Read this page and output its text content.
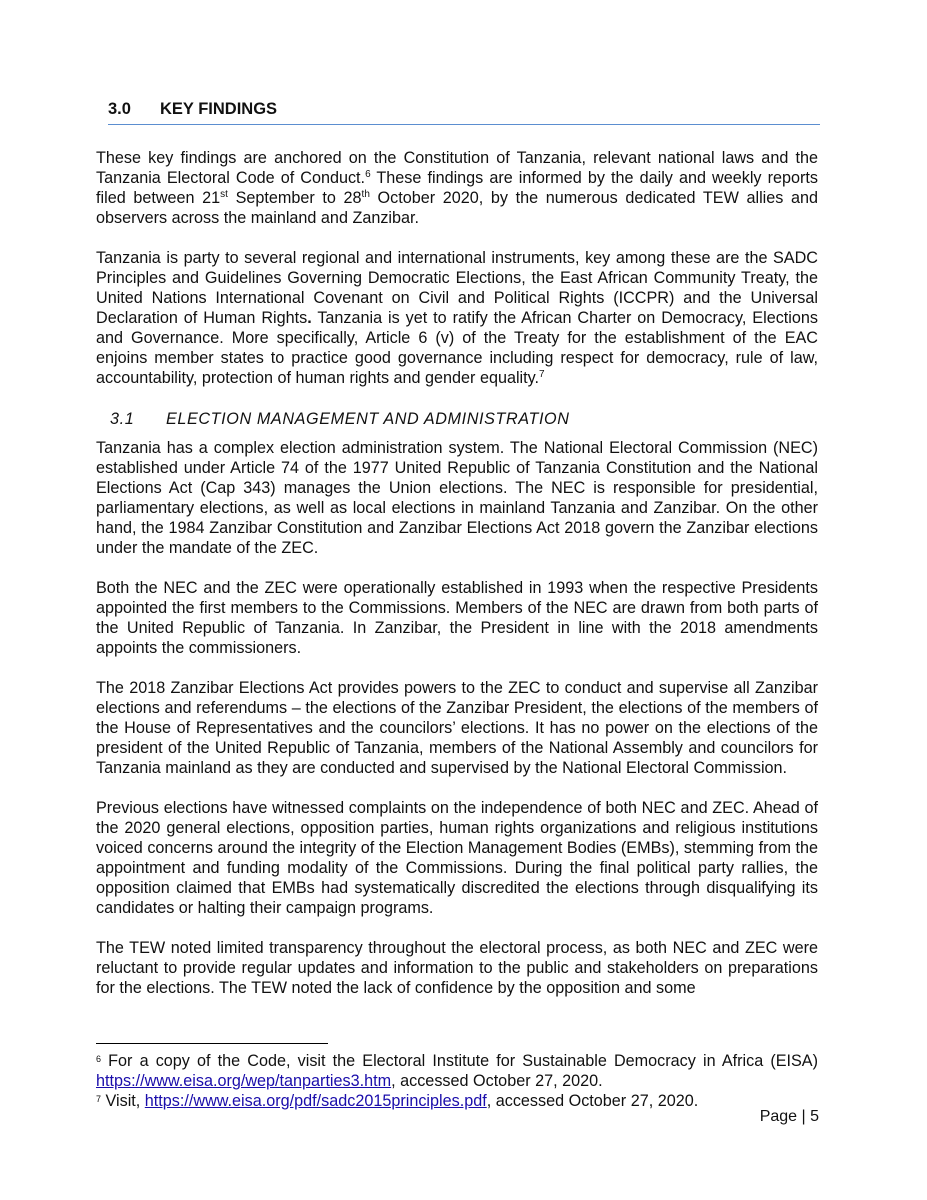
3.0 KEY FINDINGS

These key findings are anchored on the Constitution of Tanzania, relevant national laws and the Tanzania Electoral Code of Conduct.$^6$ These findings are informed by the daily and weekly reports filed between 21st September to 28th October 2020, by the numerous dedicated TEW allies and observers across the mainland and Zanzibar.

Tanzania is party to several regional and international instruments, key among these are the SADC Principles and Guidelines Governing Democratic Elections, the East African Community Treaty, the United Nations International Covenant on Civil and Political Rights (ICCPR) and the Universal Declaration of Human Rights. Tanzania is yet to ratify the African Charter on Democracy, Elections and Governance. More specifically, Article 6 (v) of the Treaty for the establishment of the EAC enjoins member states to practice good governance including respect for democracy, rule of law, accountability, protection of human rights and gender equality.$^7$

3.1 ELECTION MANAGEMENT AND ADMINISTRATION

Tanzania has a complex election administration system. The National Electoral Commission (NEC) established under Article 74 of the 1977 United Republic of Tanzania Constitution and the National Elections Act (Cap 343) manages the Union elections. The NEC is responsible for presidential, parliamentary elections, as well as local elections in mainland Tanzania and Zanzibar. On the other hand, the 1984 Zanzibar Constitution and Zanzibar Elections Act 2018 govern the Zanzibar elections under the mandate of the ZEC.

Both the NEC and the ZEC were operationally established in 1993 when the respective Presidents appointed the first members to the Commissions. Members of the NEC are drawn from both parts of the United Republic of Tanzania. In Zanzibar, the President in line with the 2018 amendments appoints the commissioners.

The 2018 Zanzibar Elections Act provides powers to the ZEC to conduct and supervise all Zanzibar elections and referendums – the elections of the Zanzibar President, the elections of the members of the House of Representatives and the councilors’ elections. It has no power on the elections of the president of the United Republic of Tanzania, members of the National Assembly and councilors for Tanzania mainland as they are conducted and supervised by the National Electoral Commission.

Previous elections have witnessed complaints on the independence of both NEC and ZEC. Ahead of the 2020 general elections, opposition parties, human rights organizations and religious institutions voiced concerns around the integrity of the Election Management Bodies (EMBs), stemming from the appointment and funding modality of the Commissions. During the final political party rallies, the opposition claimed that EMBs had systematically discredited the elections through disqualifying its candidates or halting their campaign programs.

The TEW noted limited transparency throughout the electoral process, as both NEC and ZEC were reluctant to provide regular updates and information to the public and stakeholders on preparations for the elections. The TEW noted the lack of confidence by the opposition and some

$^6$ For a copy of the Code, visit the Electoral Institute for Sustainable Democracy in Africa (EISA) https://www.eisa.org/wep/tanparties3.htm, accessed October 27, 2020.

$^7$ Visit, https://www.eisa.org/pdf/sadc2015principles.pdf, accessed October 27, 2020.

Page | 5
